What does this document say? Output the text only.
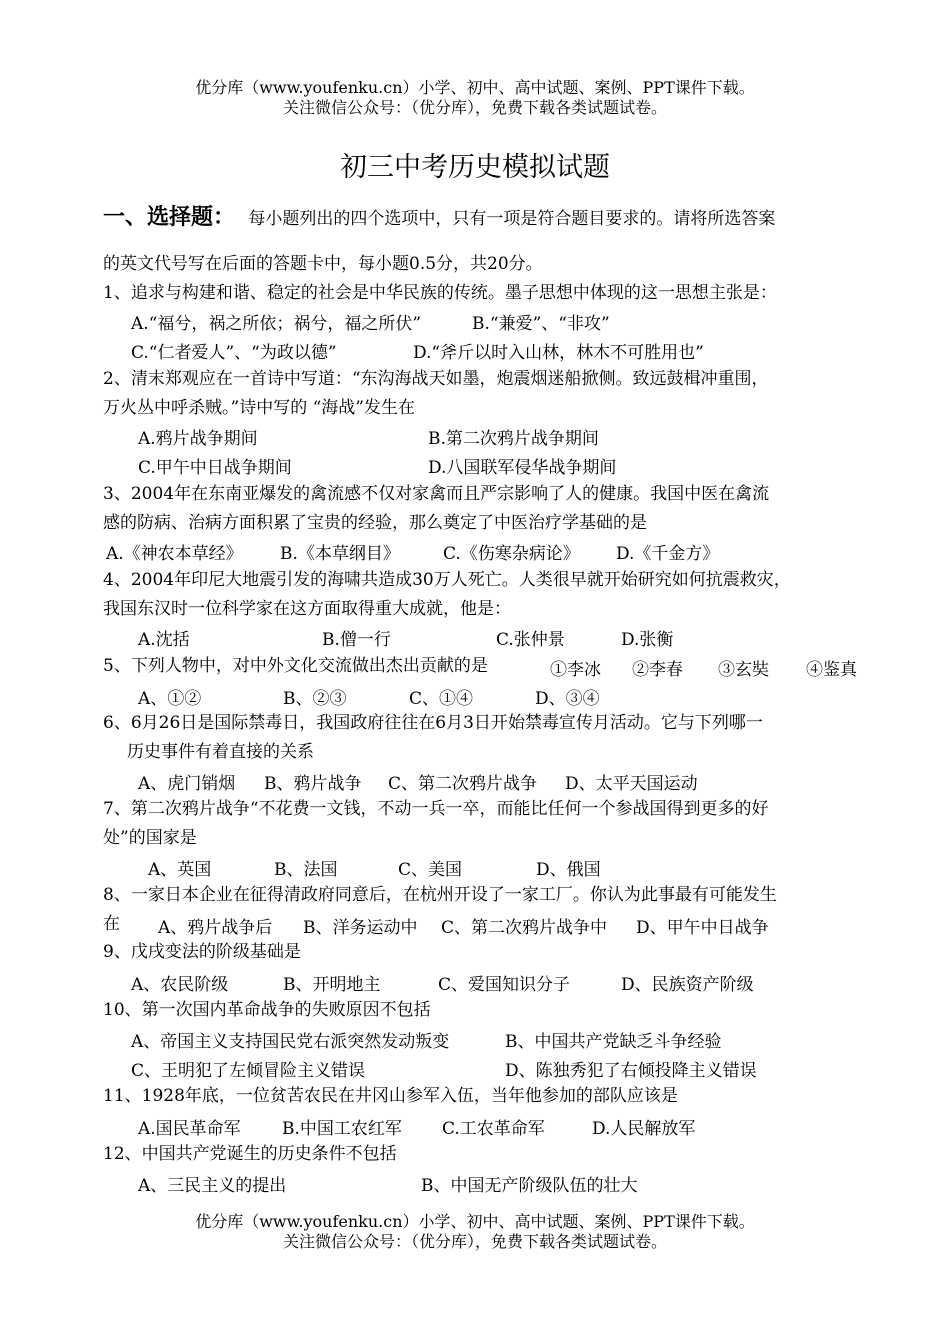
优分库（www.youfenku.cn）小学、初中、高中试题、案例、PPT课件下载。
关注微信公众号：（优分库），免费下载各类试题试卷。
初三中考历史模拟试题
一、选择题： 每小题列出的四个选项中，只有一项是符合题目要求的。请将所选答案
的英文代号写在后面的答题卡中，每小题0.5分，共20分。
1、追求与构建和谐、稳定的社会是中华民族的传统。墨子思想中体现的这一思想主张是：
A.“福兮，祸之所依；祸兮，福之所伏”	B.“兼爱”、“非攻”
C.“仁者爱人”、“为政以德”	D.“斧斤以时入山林，林木不可胜用也”
2、清末郑观应在一首诗中写道：“东沟海战天如墨，炮震烟迷船掀侧。致远鼓楫冲重围，
万火丛中呼杀贼。”诗中写的 “海战”发生在
A.鸦片战争期间	B.第二次鸦片战争期间
C.甲午中日战争期间	D.八国联军侵华战争期间
3、2004年在东南亚爆发的禽流感不仅对家禽而且严宗影响了人的健康。我国中医在禽流
感的防病、治病方面积累了宝贵的经验，那么奠定了中医治疗学基础的是
A.《神农本草经》 B.《本草纲目》	C.《伤寒杂病论》 D.《千金方》
4、2004年印尼大地震引发的海啸共造成30万人死亡。人类很早就开始研究如何抗震救灾，
我国东汉时一位科学家在这方面取得重大成就，他是：
A.沈括	B.僧一行	C.张仲景	D.张衡
5、下列人物中，对中外文化交流做出杰出贡献的是	①李冰 ②李春 ③玄奘 ④鉴真
A、①②	B、②③	C、①④	D、③④
6、6月26日是国际禁毒日，我国政府往往在6月3日开始禁毒宣传月活动。它与下列哪一
历史事件有着直接的关系
A、虎门销烟 B、鸦片战争 C、第二次鸦片战争 D、太平天国运动
7、第二次鸦片战争“不花费一文钱，不动一兵一卒，而能比任何一个参战国得到更多的好
处”的国家是
A、英国	B、法国	C、美国	D、俄国
8、一家日本企业在征得清政府同意后，在杭州开设了一家工厂。你认为此事最有可能发生
在 A、鸦片战争后 B、洋务运动中 C、第二次鸦片战争中 D、甲午中日战争
9、戊戌变法的阶级基础是
A、农民阶级	B、开明地主	C、爱国知识分子	D、民族资产阶级
10、第一次国内革命战争的失败原因不包括
A、帝国主义支持国民党右派突然发动叛变	B、中国共产党缺乏斗争经验
C、王明犯了左倾冒险主义错误	D、陈独秀犯了右倾投降主义错误
11、1928年底，一位贫苦农民在井冈山参军入伍，当年他参加的部队应该是
A.国民革命军 B.中国工农红军 C.工农革命军	D.人民解放军
12、中国共产党诞生的历史条件不包括
A、三民主义的提出	B、中国无产阶级队伍的壮大
优分库（www.youfenku.cn）小学、初中、高中试题、案例、PPT课件下载。
关注微信公众号：（优分库），免费下载各类试题试卷。
